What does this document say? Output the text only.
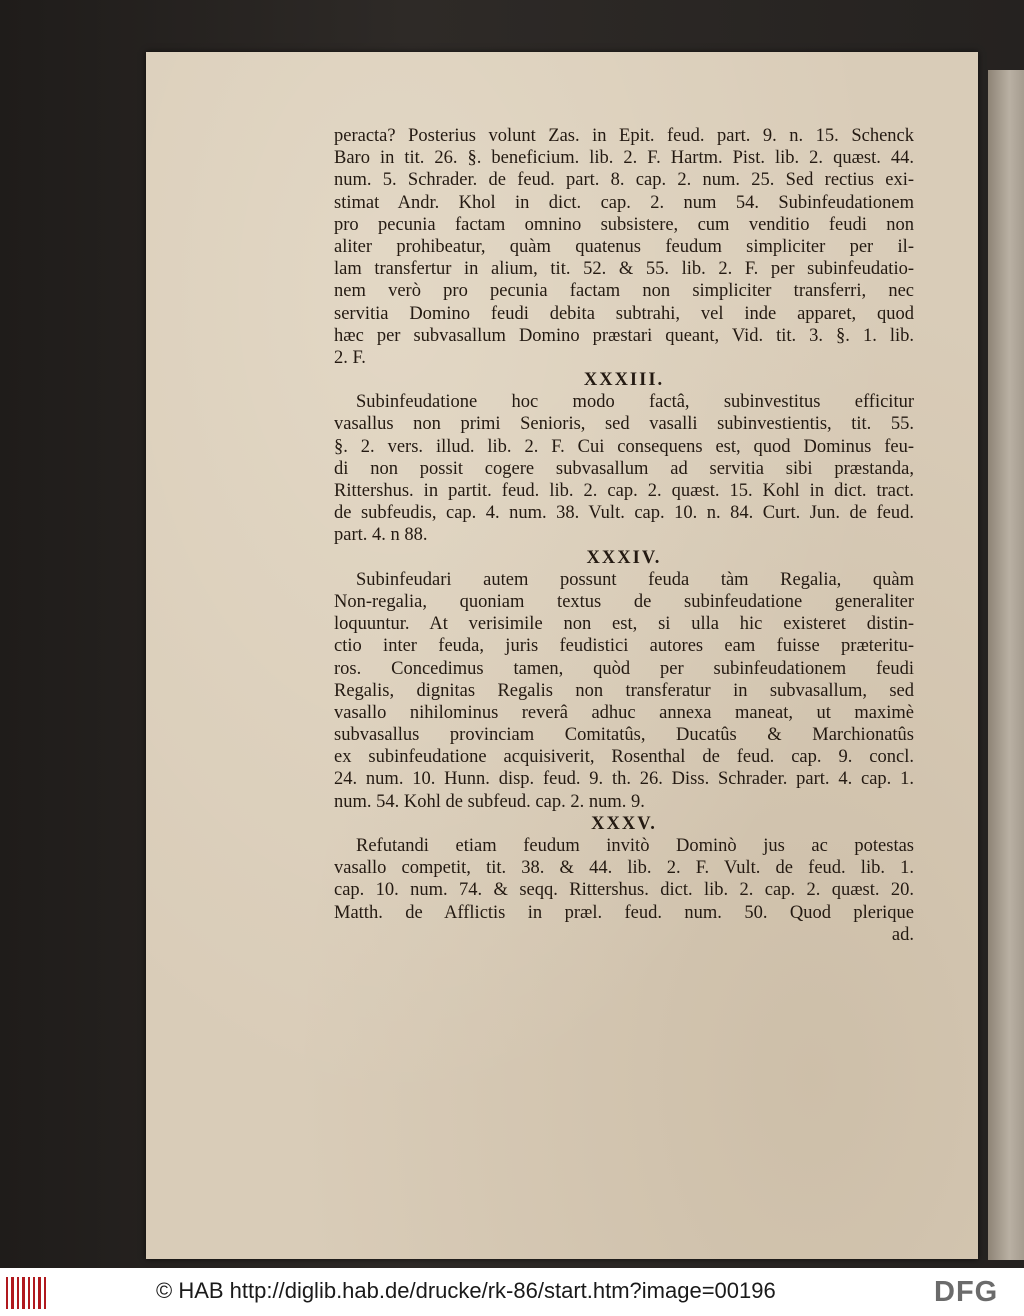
peracta? Posterius volunt Zas. in Epit. feud. part. 9. n. 15. Schenck
Baro in tit. 26. §. beneficium. lib. 2. F. Hartm. Pist. lib. 2. quæst. 44.
num. 5. Schrader. de feud. part. 8. cap. 2. num. 25. Sed rectius exi-
stimat Andr. Khol in dict. cap. 2. num 54. Subinfeudationem
pro pecunia factam omnino subsistere, cum venditio feudi non
aliter prohibeatur, quàm quatenus feudum simpliciter per il-
lam transfertur in alium, tit. 52. & 55. lib. 2. F. per subinfeudatio-
nem verò pro pecunia factam non simpliciter transferri, nec
servitia Domino feudi debita subtrahi, vel inde apparet, quod
hæc per subvasallum Domino præstari queant, Vid. tit. 3. §. 1. lib.
2. F.
XXXIII.
Subinfeudatione hoc modo factâ, subinvestitus efficitur
vasallus non primi Senioris, sed vasalli subinvestientis, tit. 55.
§. 2. vers. illud. lib. 2. F. Cui consequens est, quod Dominus feu-
di non possit cogere subvasallum ad servitia sibi præstanda,
Rittershus. in partit. feud. lib. 2. cap. 2. quæst. 15. Kohl in dict. tract.
de subfeudis, cap. 4. num. 38. Vult. cap. 10. n. 84. Curt. Jun. de feud.
part. 4. n 88.
XXXIV.
Subinfeudari autem possunt feuda tàm Regalia, quàm
Non-regalia, quoniam textus de subinfeudatione generaliter
loquuntur. At verisimile non est, si ulla hic existeret distin-
ctio inter feuda, juris feudistici autores eam fuisse præteritu-
ros. Concedimus tamen, quòd per subinfeudationem feudi
Regalis, dignitas Regalis non transferatur in subvasallum, sed
vasallo nihilominus reverâ adhuc annexa maneat, ut maximè
subvasallus provinciam Comitatûs, Ducatûs & Marchionatûs
ex subinfeudatione acquisiverit, Rosenthal de feud. cap. 9. concl.
24. num. 10. Hunn. disp. feud. 9. th. 26. Diss. Schrader. part. 4. cap. 1.
num. 54. Kohl de subfeud. cap. 2. num. 9.
XXXV.
Refutandi etiam feudum invitò Dominò jus ac potestas
vasallo competit, tit. 38. & 44. lib. 2. F. Vult. de feud. lib. 1.
cap. 10. num. 74. & seqq. Rittershus. dict. lib. 2. cap. 2. quæst. 20.
Matth. de Afflictis in præl. feud. num. 50. Quod plerique
ad.
© HAB http://diglib.hab.de/drucke/rk-86/start.htm?image=00196	DFG
